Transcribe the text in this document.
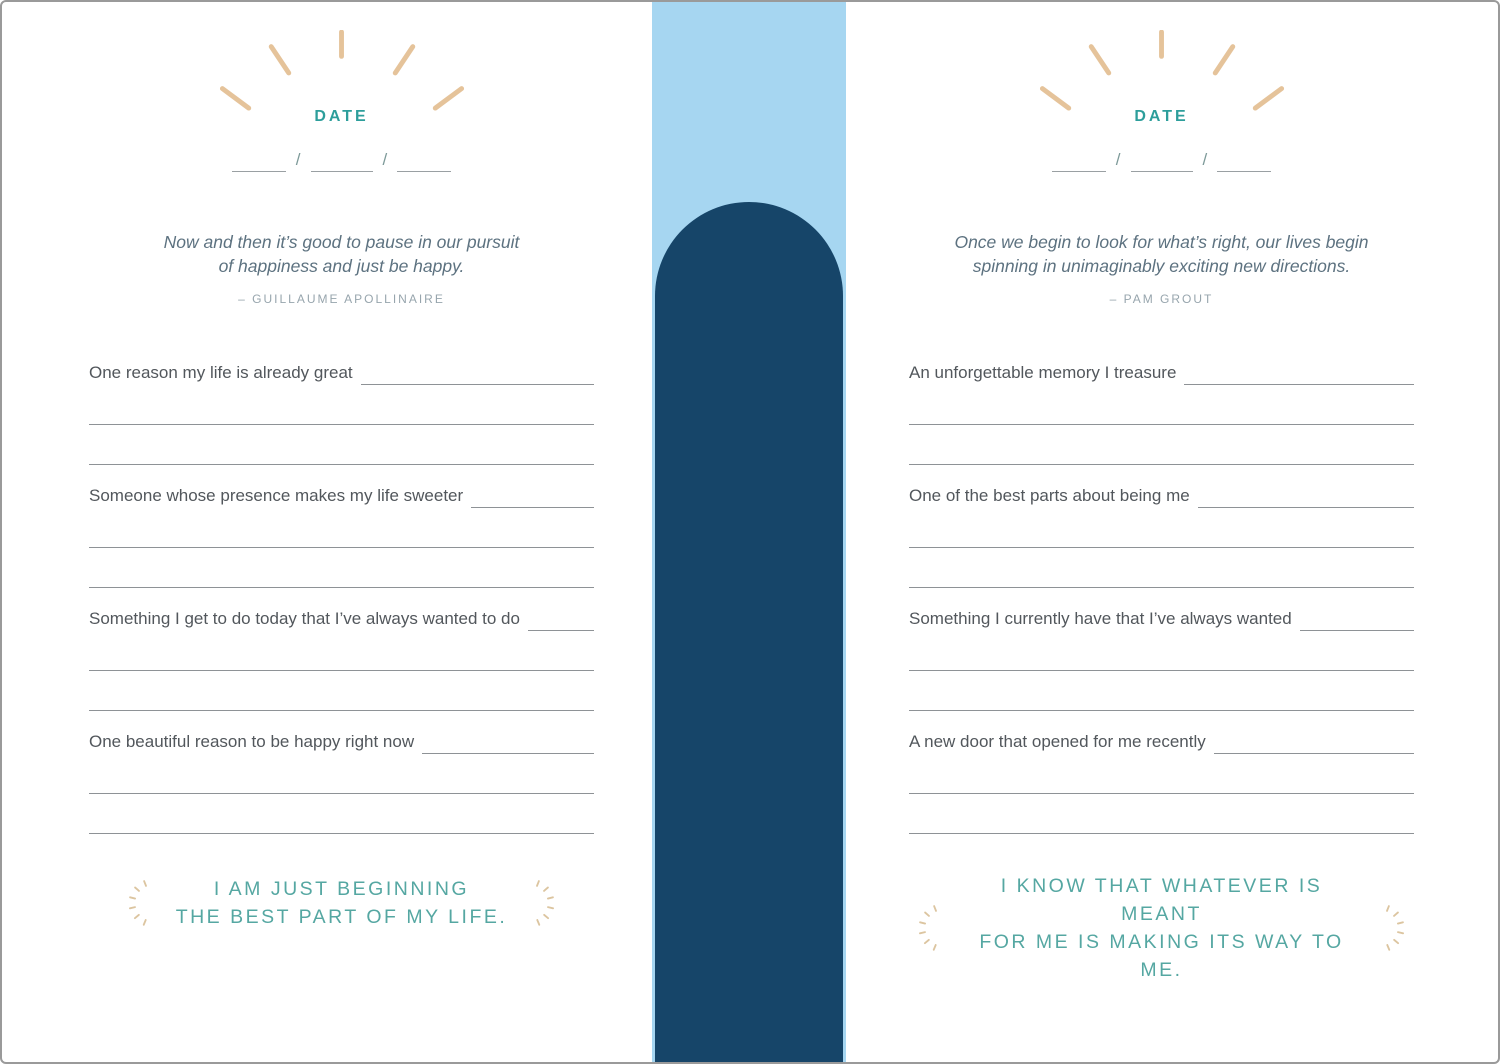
DATE
/	/
Now and then it’s good to pause in our pursuit
of happiness and just be happy.
– GUILLAUME APOLLINAIRE
One reason my life is already great
Someone whose presence makes my life sweeter
Something I get to do today that I’ve always wanted to do
One beautiful reason to be happy right now
I AM JUST BEGINNING
THE BEST PART OF MY LIFE.
DATE
/	/
Once we begin to look for what’s right, our lives begin
spinning in unimaginably exciting new directions.
– PAM GROUT
An unforgettable memory I treasure
One of the best parts about being me
Something I currently have that I’ve always wanted
A new door that opened for me recently
I KNOW THAT WHATEVER IS MEANT
FOR ME IS MAKING ITS WAY TO ME.
